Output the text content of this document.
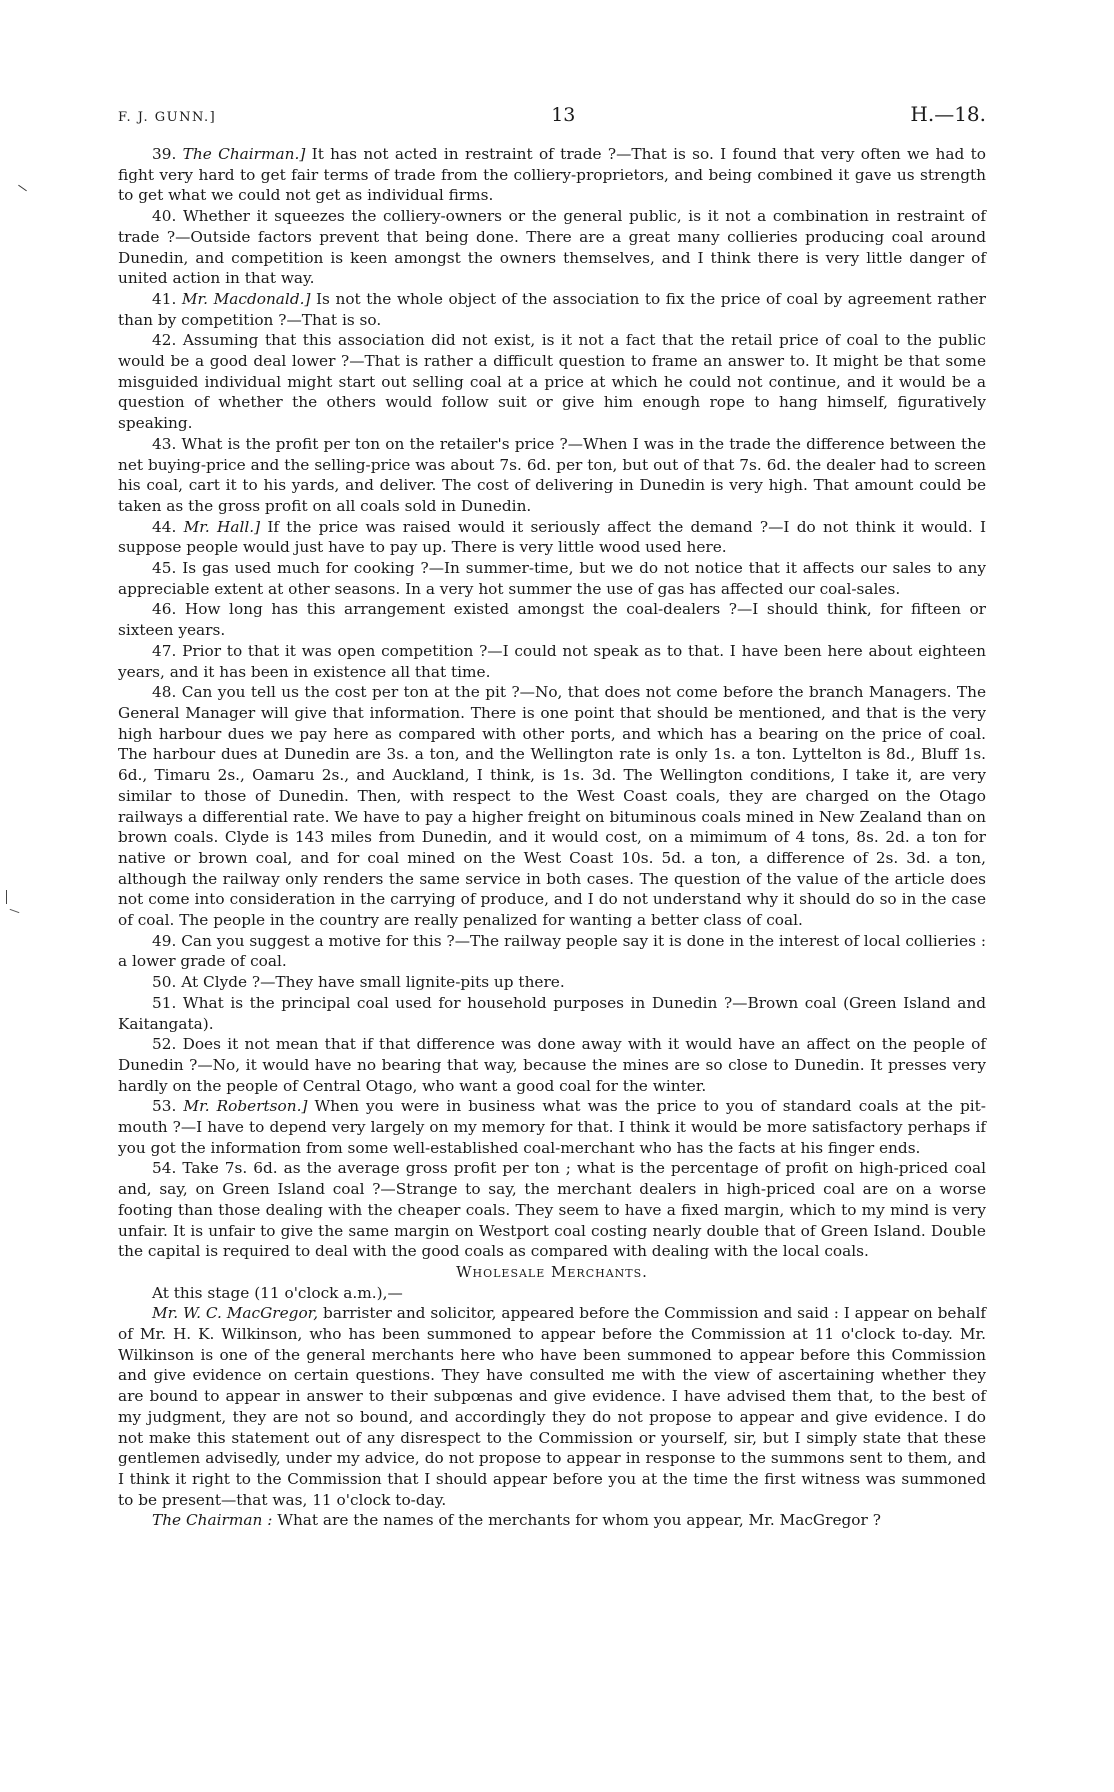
F. J. GUNN.]	13	H.—18.

39. The Chairman.] It has not acted in restraint of trade ?—That is so. I found that very often we had to fight very hard to get fair terms of trade from the colliery-proprietors, and being combined it gave us strength to get what we could not get as individual firms.

40. Whether it squeezes the colliery-owners or the general public, is it not a combination in restraint of trade ?—Outside factors prevent that being done. There are a great many collieries producing coal around Dunedin, and competition is keen amongst the owners themselves, and I think there is very little danger of united action in that way.

41. Mr. Macdonald.] Is not the whole object of the association to fix the price of coal by agreement rather than by competition ?—That is so.

42. Assuming that this association did not exist, is it not a fact that the retail price of coal to the public would be a good deal lower ?—That is rather a difficult question to frame an answer to. It might be that some misguided individual might start out selling coal at a price at which he could not continue, and it would be a question of whether the others would follow suit or give him enough rope to hang himself, figuratively speaking.

43. What is the profit per ton on the retailer's price ?—When I was in the trade the difference between the net buying-price and the selling-price was about 7s. 6d. per ton, but out of that 7s. 6d. the dealer had to screen his coal, cart it to his yards, and deliver. The cost of delivering in Dunedin is very high. That amount could be taken as the gross profit on all coals sold in Dunedin.

44. Mr. Hall.] If the price was raised would it seriously affect the demand ?—I do not think it would. I suppose people would just have to pay up. There is very little wood used here.

45. Is gas used much for cooking ?—In summer-time, but we do not notice that it affects our sales to any appreciable extent at other seasons. In a very hot summer the use of gas has affected our coal-sales.

46. How long has this arrangement existed amongst the coal-dealers ?—I should think, for fifteen or sixteen years.

47. Prior to that it was open competition ?—I could not speak as to that. I have been here about eighteen years, and it has been in existence all that time.

48. Can you tell us the cost per ton at the pit ?—No, that does not come before the branch Managers. The General Manager will give that information. There is one point that should be mentioned, and that is the very high harbour dues we pay here as compared with other ports, and which has a bearing on the price of coal. The harbour dues at Dunedin are 3s. a ton, and the Wellington rate is only 1s. a ton. Lyttelton is 8d., Bluff 1s. 6d., Timaru 2s., Oamaru 2s., and Auckland, I think, is 1s. 3d. The Wellington conditions, I take it, are very similar to those of Dunedin. Then, with respect to the West Coast coals, they are charged on the Otago railways a differential rate. We have to pay a higher freight on bituminous coals mined in New Zealand than on brown coals. Clyde is 143 miles from Dunedin, and it would cost, on a mimimum of 4 tons, 8s. 2d. a ton for native or brown coal, and for coal mined on the West Coast 10s. 5d. a ton, a difference of 2s. 3d. a ton, although the railway only renders the same service in both cases. The question of the value of the article does not come into consideration in the carrying of produce, and I do not understand why it should do so in the case of coal. The people in the country are really penalized for wanting a better class of coal.

49. Can you suggest a motive for this ?—The railway people say it is done in the interest of local collieries : a lower grade of coal.

50. At Clyde ?—They have small lignite-pits up there.

51. What is the principal coal used for household purposes in Dunedin ?—Brown coal (Green Island and Kaitangata).

52. Does it not mean that if that difference was done away with it would have an affect on the people of Dunedin ?—No, it would have no bearing that way, because the mines are so close to Dunedin. It presses very hardly on the people of Central Otago, who want a good coal for the winter.

53. Mr. Robertson.] When you were in business what was the price to you of standard coals at the pit-mouth ?—I have to depend very largely on my memory for that. I think it would be more satisfactory perhaps if you got the information from some well-established coal-merchant who has the facts at his finger ends.

54. Take 7s. 6d. as the average gross profit per ton ; what is the percentage of profit on high-priced coal and, say, on Green Island coal ?—Strange to say, the merchant dealers in high-priced coal are on a worse footing than those dealing with the cheaper coals. They seem to have a fixed margin, which to my mind is very unfair. It is unfair to give the same margin on Westport coal costing nearly double that of Green Island. Double the capital is required to deal with the good coals as compared with dealing with the local coals.

Wholesale Merchants.

At this stage (11 o'clock a.m.),—

Mr. W. C. MacGregor, barrister and solicitor, appeared before the Commission and said : I appear on behalf of Mr. H. K. Wilkinson, who has been summoned to appear before the Commission at 11 o'clock to-day. Mr. Wilkinson is one of the general merchants here who have been summoned to appear before this Commission and give evidence on certain questions. They have consulted me with the view of ascertaining whether they are bound to appear in answer to their subpœnas and give evidence. I have advised them that, to the best of my judgment, they are not so bound, and accordingly they do not propose to appear and give evidence. I do not make this statement out of any disrespect to the Commission or yourself, sir, but I simply state that these gentlemen advisedly, under my advice, do not propose to appear in response to the summons sent to them, and I think it right to the Commission that I should appear before you at the time the first witness was summoned to be present—that was, 11 o'clock to-day.

The Chairman : What are the names of the merchants for whom you appear, Mr. MacGregor ?
